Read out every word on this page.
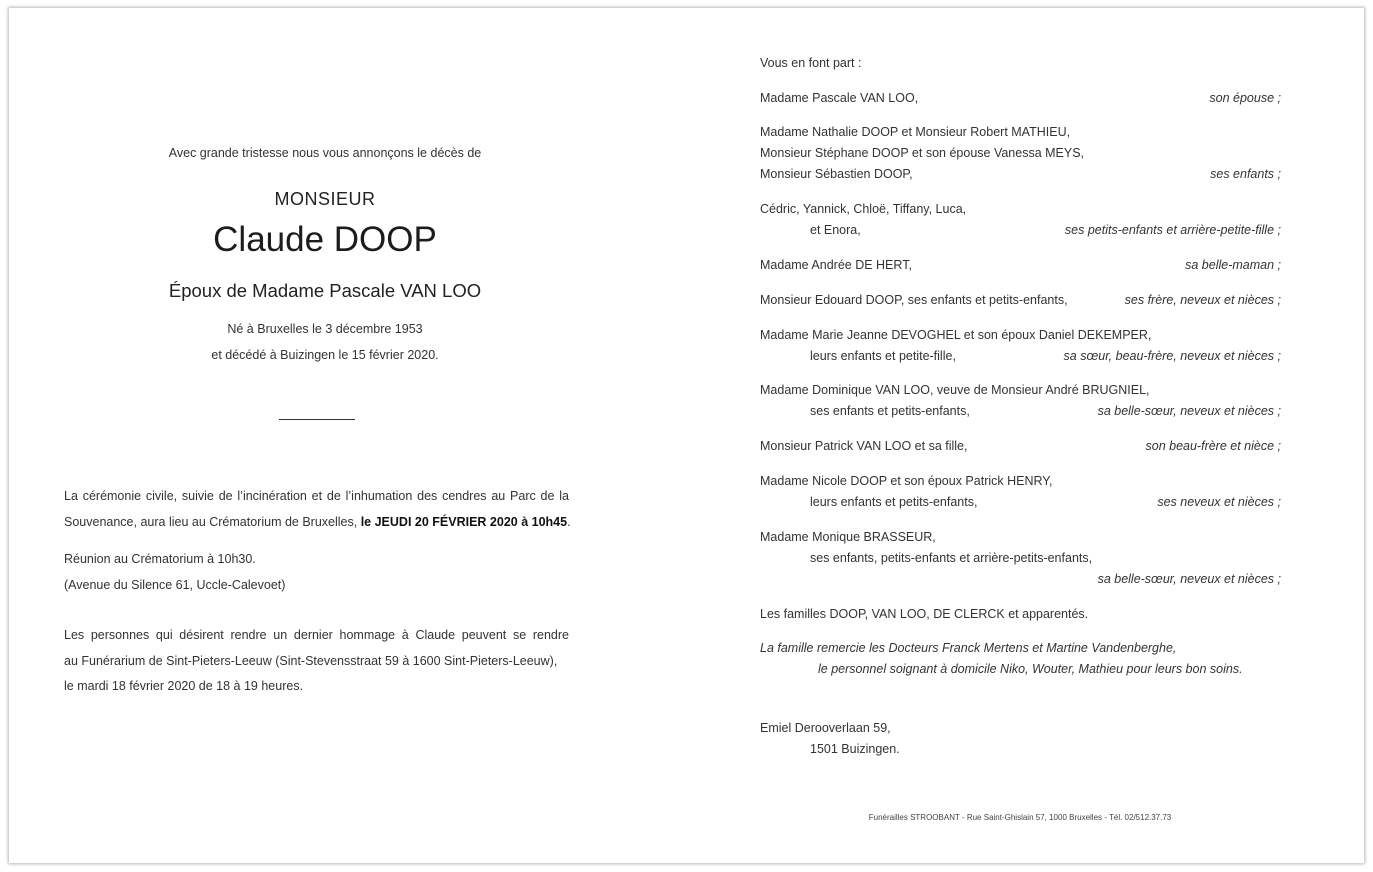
Avec grande tristesse nous vous annonçons le décès de
MONSIEUR
Claude DOOP
Époux de Madame Pascale VAN LOO
Né à Bruxelles le 3 décembre 1953
et décédé à Buizingen le 15 février 2020.
La cérémonie civile, suivie de l’incinération et de l’inhumation des cendres au Parc de la
Souvenance, aura lieu au Crématorium de Bruxelles, le JEUDI 20 FÉVRIER 2020 à 10h45.
Réunion au Crématorium à 10h30.
(Avenue du Silence 61, Uccle-Calevoet)
Les personnes qui désirent rendre un dernier hommage à Claude peuvent se rendre
au Funérarium de Sint-Pieters-Leeuw (Sint-Stevensstraat 59 à 1600 Sint-Pieters-Leeuw),
le mardi 18 février 2020 de 18 à 19 heures.
Vous en font part :
Madame Pascale VAN LOO,	son épouse ;
Madame Nathalie DOOP et Monsieur Robert MATHIEU,
Monsieur Stéphane DOOP et son épouse Vanessa MEYS,
Monsieur Sébastien DOOP,	ses enfants ;
Cédric, Yannick, Chloë, Tiffany, Luca,
et Enora,	ses petits-enfants et arrière-petite-fille ;
Madame Andrée DE HERT,	sa belle-maman ;
Monsieur Edouard DOOP, ses enfants et petits-enfants,	ses frère, neveux et nièces ;
Madame Marie Jeanne DEVOGHEL et son époux Daniel DEKEMPER,
leurs enfants et petite-fille,	sa sœur, beau-frère, neveux et nièces ;
Madame Dominique VAN LOO, veuve de Monsieur André BRUGNIEL,
ses enfants et petits-enfants,	sa belle-sœur, neveux et nièces ;
Monsieur Patrick VAN LOO et sa fille,	son beau-frère et nièce ;
Madame Nicole DOOP et son époux Patrick HENRY,
leurs enfants et petits-enfants,	ses neveux et nièces ;
Madame Monique BRASSEUR,
ses enfants, petits-enfants et arrière-petits-enfants,
sa belle-sœur, neveux et nièces ;
Les familles DOOP, VAN LOO, DE CLERCK et apparentés.
La famille remercie les Docteurs Franck Mertens et Martine Vandenberghe,
le personnel soignant à domicile Niko, Wouter, Mathieu pour leurs bon soins.
Emiel Derooverlaan 59,
1501 Buizingen.
Funérailles STROOBANT - Rue Saint-Ghislain 57, 1000 Bruxelles - Tél. 02/512.37.73
